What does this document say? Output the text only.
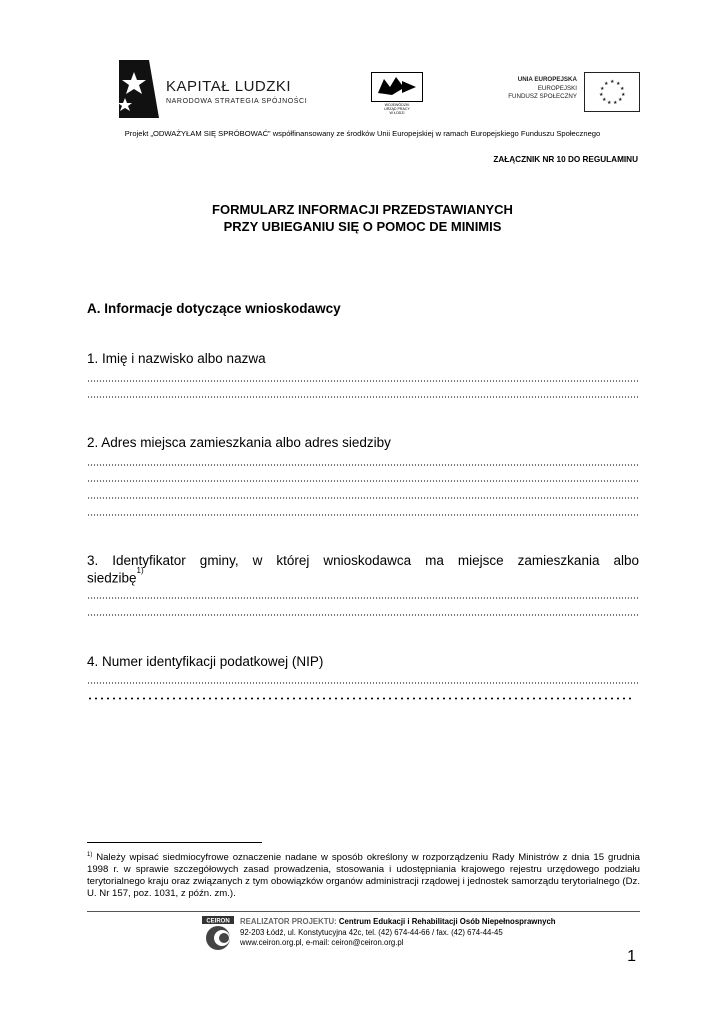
KAPITAŁ LUDZKI
NARODOWA STRATEGIA SPÓJNOŚCI	WOJEWÓDZKI
URZĄD PRACY
W ŁODZI
UNIA EUROPEJSKA
EUROPEJSKI
FUNDUSZ SPOŁECZNY
★ ★
★
★
★
★
★
★
★
★
★
Projekt „ODWAŻYŁAM SIĘ SPRÓBOWAĆ” współfinansowany ze środków Unii Europejskiej w ramach Europejskiego Funduszu Społecznego
ZAŁĄCZNIK NR 10 DO REGULAMINU
FORMULARZ INFORMACJI PRZEDSTAWIANYCH
PRZY UBIEGANIU SIĘ O POMOC DE MINIMIS
A. Informacje dotyczące wnioskodawcy
1. Imię i nazwisko albo nazwa
2. Adres miejsca zamieszkania albo adres siedziby
3. Identyfikator gminy, w której wnioskodawca ma miejsce zamieszkania albo
siedzibę$^{1)}$
4. Numer identyfikacji podatkowej (NIP)
$^{1)}$ Należy wpisać siedmiocyfrowe oznaczenie nadane w sposób określony w rozporządzeniu Rady Ministrów z dnia 15 grudnia 1998 r. w sprawie szczegółowych zasad prowadzenia, stosowania i udostępniania krajowego rejestru urzędowego podziału terytorialnego kraju oraz związanych z tym obowiązków organów administracji rządowej i jednostek samorządu terytorialnego (Dz. U. Nr 157, poz. 1031, z późn. zm.).
CEIRON REALIZATOR PROJEKTU: Centrum Edukacji i Rehabilitacji Osób Niepełnosprawnych
92-203 Łódź, ul. Konstytucyjna 42c, tel. (42) 674-44-66 / fax. (42) 674-44-45
www.ceiron.org.pl, e-mail: ceiron@ceiron.org.pl
1
